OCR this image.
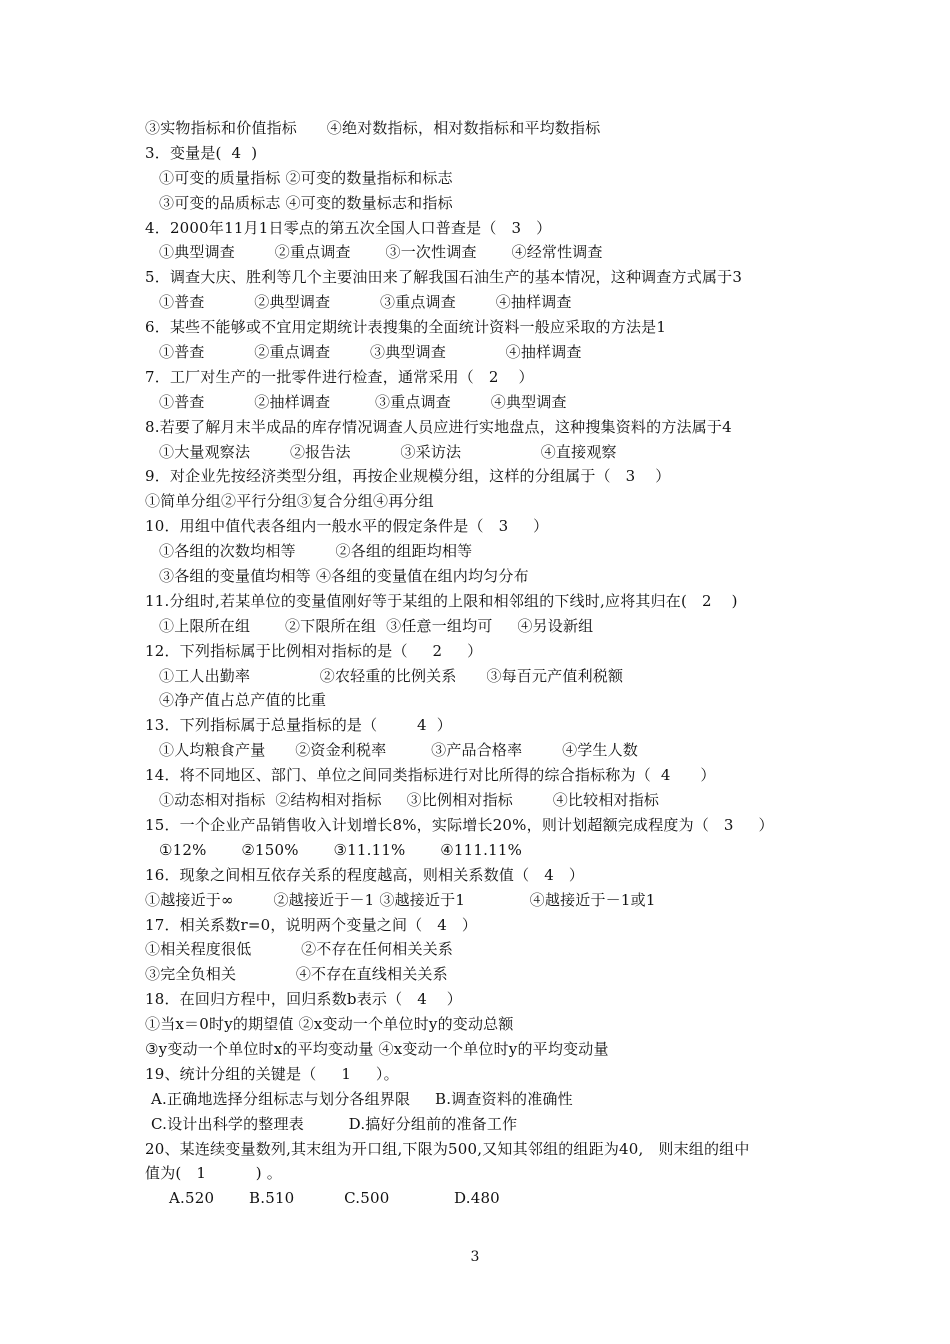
③实物指标和价值指标      ④绝对数指标，相对数指标和平均数指标
3．变量是(  4  )
①可变的质量指标 ②可变的数量指标和标志
③可变的品质标志 ④可变的数量标志和指标
4．2000年11月1日零点的第五次全国人口普查是（   3   ）
①典型调查        ②重点调查       ③一次性调查       ④经常性调查
5．调查大庆、胜利等几个主要油田来了解我国石油生产的基本情况，这种调查方式属于3
①普查          ②典型调查          ③重点调查        ④抽样调查
6．某些不能够或不宜用定期统计表搜集的全面统计资料一般应采取的方法是1
①普查          ②重点调查        ③典型调查            ④抽样调查
7．工厂对生产的一批零件进行检查，通常采用（   2    ）
①普查          ②抽样调查         ③重点调查        ④典型调查
8.若要了解月末半成品的库存情况调查人员应进行实地盘点，这种搜集资料的方法属于4
①大量观察法        ②报告法          ③采访法                ④直接观察
9．对企业先按经济类型分组，再按企业规模分组，这样的分组属于（   3    ）
①简单分组②平行分组③复合分组④再分组
10．用组中值代表各组内一般水平的假定条件是（   3     ）
①各组的次数均相等        ②各组的组距均相等
③各组的变量值均相等 ④各组的变量值在组内均匀分布
11.分组时,若某单位的变量值刚好等于某组的上限和相邻组的下线时,应将其归在(   2    )
①上限所在组       ②下限所在组  ③任意一组均可     ④另设新组
12．下列指标属于比例相对指标的是（     2     ）
①工人出勤率              ②农轻重的比例关系      ③每百元产值利税额
④净产值占总产值的比重
13．下列指标属于总量指标的是（        4  ）
①人均粮食产量      ②资金利税率         ③产品合格率        ④学生人数
14．将不同地区、部门、单位之间同类指标进行对比所得的综合指标称为（  4      ）
①动态相对指标  ②结构相对指标     ③比例相对指标        ④比较相对指标
15．一个企业产品销售收入计划增长8%，实际增长20%，则计划超额完成程度为（   3     ）
①12%       ②150%       ③11.11%       ④111.11%
16．现象之间相互依存关系的程度越高，则相关系数值（   4   ）
①越接近于∞        ②越接近于－1 ③越接近于1             ④越接近于－1或1
17．相关系数r=0，说明两个变量之间（   4   ）
①相关程度很低          ②不存在任何相关关系
③完全负相关            ④不存在直线相关关系
18．在回归方程中，回归系数b表示（   4    ）
①当x＝0时y的期望值 ②x变动一个单位时y的变动总额
③y变动一个单位时x的平均变动量 ④x变动一个单位时y的平均变动量
19、统计分组的关键是（     1     ）。
A.正确地选择分组标志与划分各组界限     B.调查资料的准确性
C.设计出科学的整理表         D.搞好分组前的准备工作
20、某连续变量数列,其末组为开口组,下限为500,又知其邻组的组距为40,   则末组的组中
值为(   1          ) 。
A.520       B.510          C.500             D.480
3
